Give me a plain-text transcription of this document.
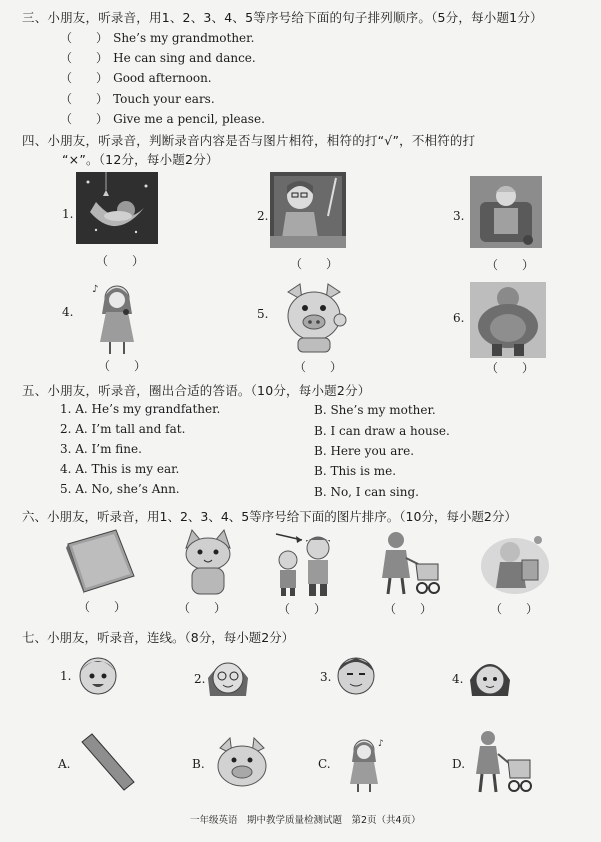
三、小朋友，听录音，用1、2、3、4、5等序号给下面的句子排列顺序。（5分，每小题1分）
（　　） She’s my grandmother.
（　　） He can sing and dance.
（　　） Good afternoon.
（　　） Touch your ears.
（　　） Give me a pencil, please.
四、小朋友，听录音，判断录音内容是否与图片相符，相符的打“√”，不相符的打
“×”。（12分，每小题2分）
1.
（　　）
2.
（　　）
3.
（　　）
4.
♪
（　　）
5.
（　　）
6.
（　　）
五、小朋友，听录音，圈出合适的答语。（10分，每小题2分）
1. A. He’s my grandfather.	B. She’s my mother.
2. A. I’m tall and fat.	B. I can draw a house.
3. A. I’m fine.	B. Here you are.
4. A. This is my ear.	B. This is me.
5. A. No, she’s Ann.	B. No, I can sing.
六、小朋友，听录音，用1、2、3、4、5等序号给下面的图片排序。（10分，每小题2分）
（　　）	（　　）	（　　）	（　　）	（　　）
七、小朋友，听录音，连线。（8分，每小题2分）
1.	2.	3.	4.
A.	B.	C.
♪
D.
一年级英语　期中教学质量检测试题　第2页（共4页）
